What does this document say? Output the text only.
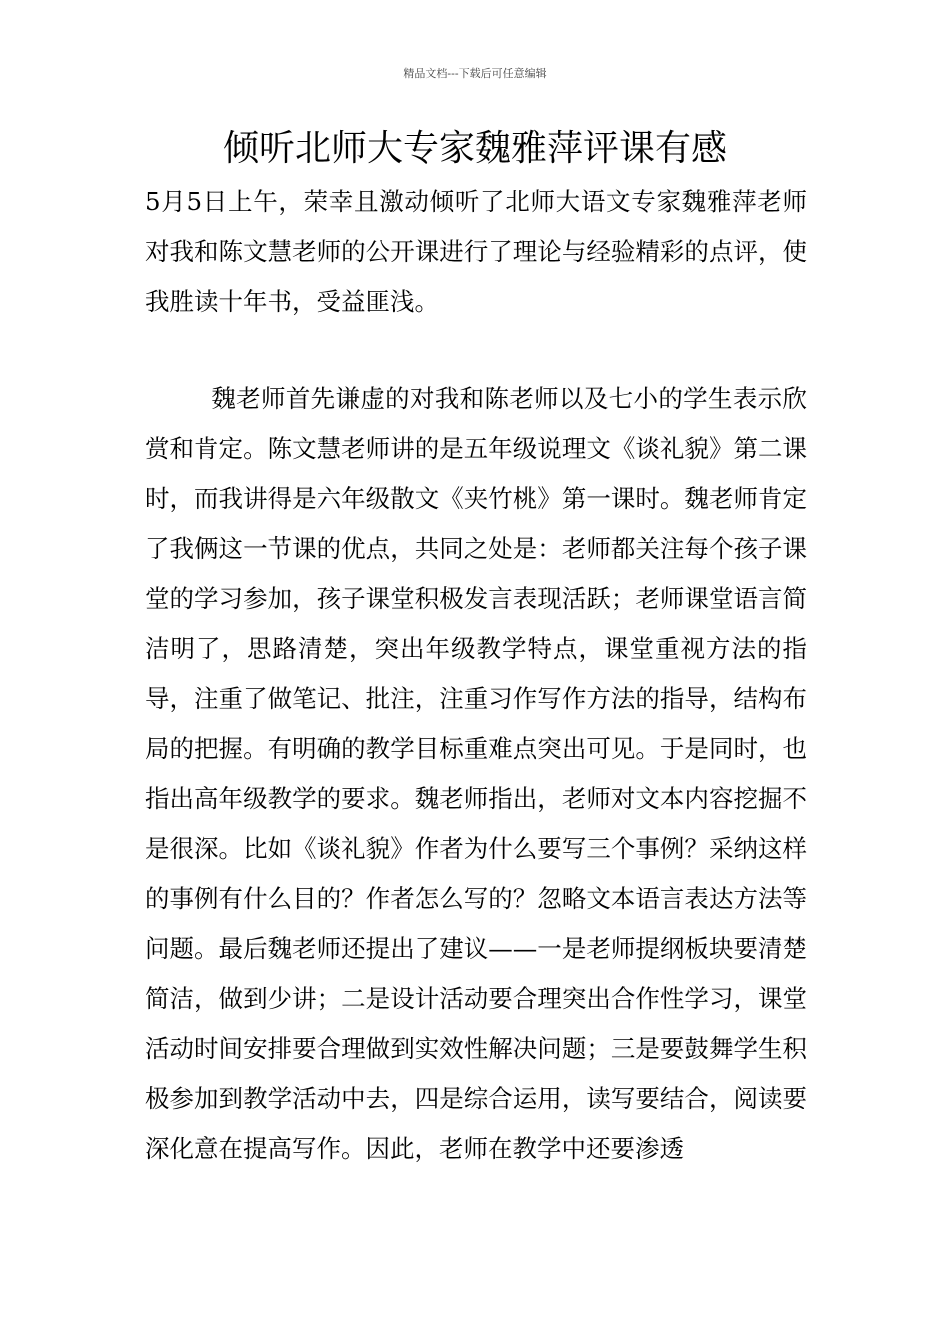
精品文档---下载后可任意编辑
倾听北师大专家魏雅萍评课有感

5月5日上午，荣幸且激动倾听了北师大语文专家魏雅萍老师对我和陈文慧老师的公开课进行了理论与经验精彩的点评，使我胜读十年书，受益匪浅。

魏老师首先谦虚的对我和陈老师以及七小的学生表示欣赏和肯定。陈文慧老师讲的是五年级说理文《谈礼貌》第二课时，而我讲得是六年级散文《夹竹桃》第一课时。魏老师肯定了我俩这一节课的优点，共同之处是：老师都关注每个孩子课堂的学习参加，孩子课堂积极发言表现活跃；老师课堂语言简洁明了，思路清楚，突出年级教学特点，课堂重视方法的指导，注重了做笔记、批注，注重习作写作方法的指导，结构布局的把握。有明确的教学目标重难点突出可见。于是同时，也指出高年级教学的要求。魏老师指出，老师对文本内容挖掘不是很深。比如《谈礼貌》作者为什么要写三个事例？采纳这样的事例有什么目的？作者怎么写的？忽略文本语言表达方法等问题。最后魏老师还提出了建议——一是老师提纲板块要清楚简洁，做到少讲；二是设计活动要合理突出合作性学习，课堂活动时间安排要合理做到实效性解决问题；三是要鼓舞学生积极参加到教学活动中去，四是综合运用，读写要结合，阅读要深化意在提高写作。因此，老师在教学中还要渗透
